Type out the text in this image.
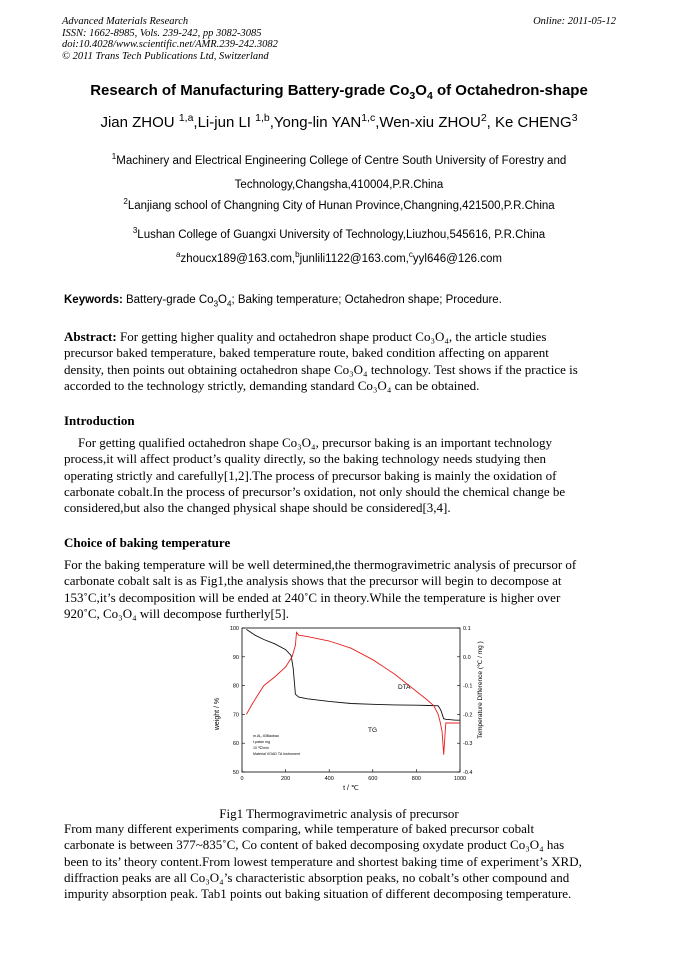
Advanced Materials Research
ISSN: 1662-8985, Vols. 239-242, pp 3082-3085
doi:10.4028/www.scientific.net/AMR.239-242.3082
© 2011 Trans Tech Publications Ltd, Switzerland
Online: 2011-05-12
Research of Manufacturing Battery-grade $Co_3O_4$ of Octahedron-shape
Jian ZHOU $^{1,a}$,Li-jun LI $^{1,b}$,Yong-lin YAN$^{1,c}$,Wen-xiu ZHOU$^2$, Ke CHENG$^3$
$^1$Machinery and Electrical Engineering College of Centre South University of Forestry and
Technology,Changsha,410004,P.R.China
$^2$Lanjiang school of Changning City of Hunan Province,Changning,421500,P.R.China
$^3$Lushan College of Guangxi University of Technology,Liuzhou,545616, P.R.China
$^a$zhoucx189@163.com,$^b$junlili1122@163.com,$^c$yyl646@126.com
Keywords: Battery-grade $Co_3O_4$; Baking temperature; Octahedron shape; Procedure.
Abstract: For getting higher quality and octahedron shape product Co₃O₄, the article studies
precursor baked temperature, baked temperature route, baked condition affecting on apparent
density, then points out obtaining octahedron shape Co₃O₄ technology. Test shows if the practice is
accorded to the technology strictly, demanding standard Co₃O₄ can be obtained.
Introduction
For getting qualified octahedron shape Co₃O₄, precursor baking is an important technology
process,it will affect product’s quality directly, so the baking technology needs studying then
operating strictly and carefully[1,2].The process of precursor baking is mainly the oxidation of
carbonate cobalt.In the process of precursor’s oxidation, not only should the chemical change be
considered,but also the changed physical shape should be considered[3,4].
Choice of baking temperature
For the baking temperature will be well determined,the thermogravimetric analysis of precursor of
carbonate cobalt salt is as Fig1,the analysis shows that the precursor will begin to decompose at
153˚C,it’s decomposition will be ended at 240˚C in theory.While the temperature is higher over
920˚C, Co₃O₄ will decompose furtherly[5].
0	200	400	600	800	1000
50
60
70
80
90
100
-0.4
-0.3
-0.2
-0.1
0.0
0.1
weight / %	Temperature Difference (℃ / mg )
t / ℃
DTA
TG
m.Al₂ 40Baobao
t.patan mg
10 ℃/min
Material VOAD TA Instrument
Fig1 Thermogravimetric analysis of precursor
From many different experiments comparing, while temperature of baked precursor cobalt
carbonate is between 377~835˚C, Co content of baked decomposing oxydate product Co₃O₄ has
been to its’ theory content.From lowest temperature and shortest baking time of experiment’s XRD,
diffraction peaks are all Co₃O₄’s characteristic absorption peaks, no cobalt’s other compound and
impurity absorption peak. Tab1 points out baking situation of different decomposing temperature.
